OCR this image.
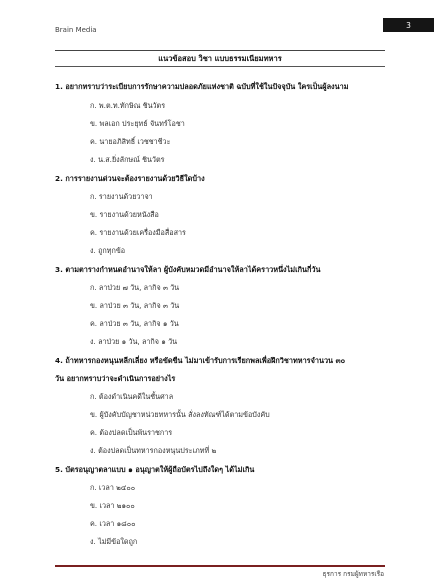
Brain Media
3
แนวข้อสอบ วิชา แบบธรรมเนียมทหาร
1. อยากทราบว่าระเบียบการรักษาความปลอดภัยแห่งชาติ ฉบับที่ใช้ในปัจจุบัน ใครเป็นผู้ลงนาม
ก. พ.ต.ท.ทักษิณ ชินวัตร
ข. พลเอก ประยุทธ์ จันทร์โอชา
ค. นายอภิสิทธิ์ เวชชาชีวะ
ง. น.ส.ยิ่งลักษณ์ ชินวัตร
2. การรายงานด่วนจะต้องรายงานด้วยวิธีใดบ้าง
ก. รายงานด้วยวาจา
ข. รายงานด้วยหนังสือ
ค. รายงานด้วยเครื่องมือสื่อสาร
ง. ถูกทุกข้อ
3. ตามตารางกำหนดอำนาจให้ลา ผู้บังคับหมวดมีอำนาจให้ลาได้คราวหนึ่งไม่เกินกี่วัน
ก. ลาป่วย ๗ วัน, ลากิจ ๓ วัน
ข. ลาป่วย ๓ วัน, ลากิจ ๓ วัน
ค. ลาป่วย ๓ วัน, ลากิจ ๑ วัน
ง. ลาป่วย ๑ วัน, ลากิจ ๑ วัน
4. ถ้าทหารกองหนุนหลีกเลี่ยง หรือขัดขืน ไม่มาเข้ารับการเรียกพลเพื่อฝึกวิชาทหารจำนวน ๓๐
วัน อยากทราบว่าจะดำเนินการอย่างไร
ก. ต้องดำเนินคดีในชั้นศาล
ข. ผู้บังคับบัญชาหน่วยทหารนั้น สั่งลงทัณฑ์ได้ตามข้อบังคับ
ค. ต้องปลดเป็นพ้นราชการ
ง. ต้องปลดเป็นทหารกองหนุนประเภทที่ ๒
5. บัตรอนุญาตลาแบบ ๑ อนุญาตให้ผู้ถือบัตรไปถึงใดๆ ได้ไม่เกิน
ก. เวลา ๒๔๐๐
ข. เวลา ๒๑๐๐
ค. เวลา ๑๘๐๐
ง. ไม่มีข้อใดถูก
ธุรการ กรมผู้ทหารเรือ
